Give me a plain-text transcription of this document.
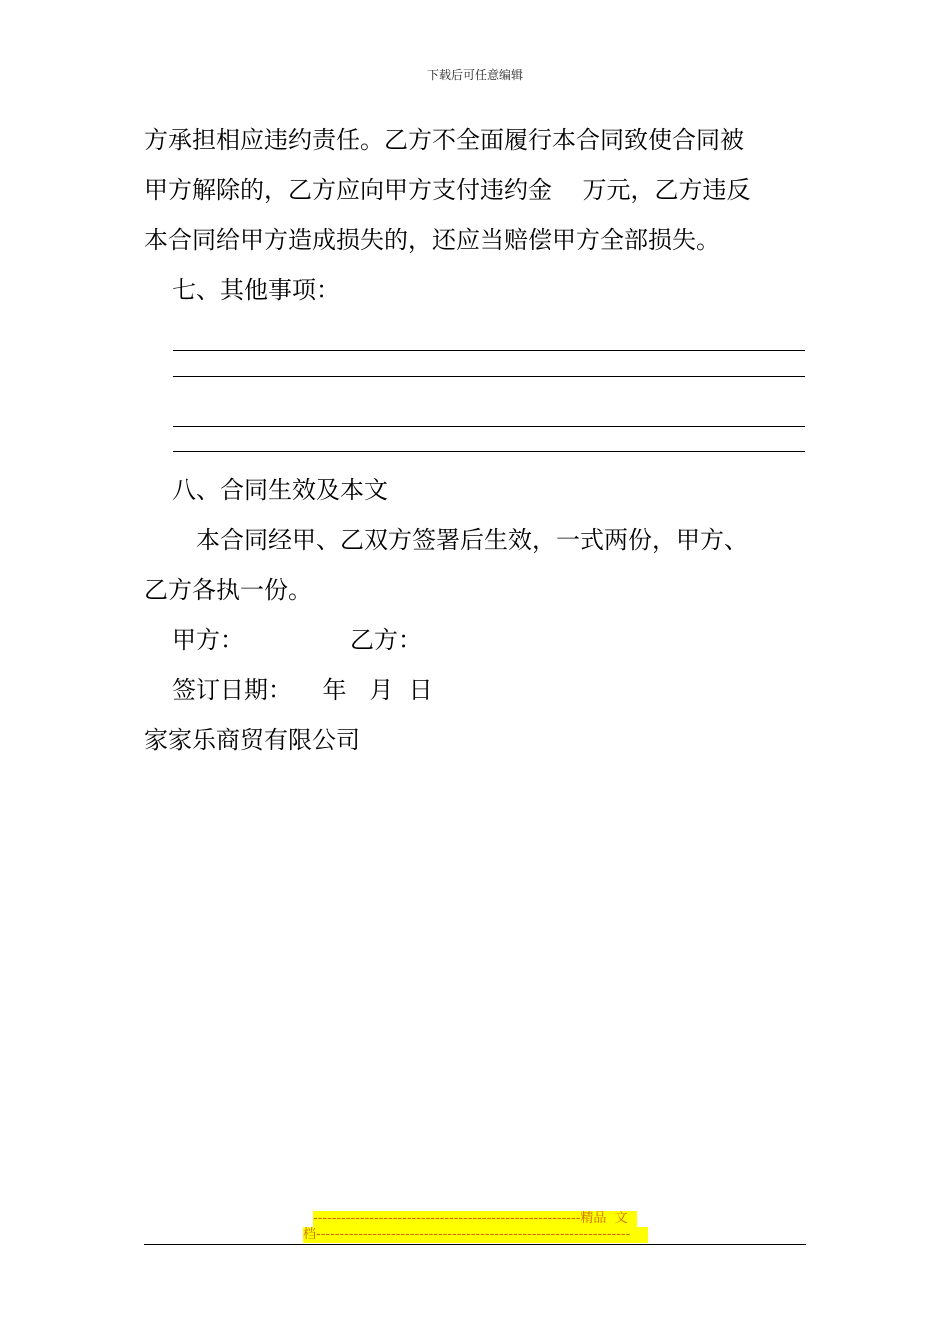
下载后可任意编辑
方承担相应违约责任。乙方不全面履行本合同致使合同被
甲方解除的，乙方应向甲方支付违约金    万元，乙方违反
本合同给甲方造成损失的，还应当赔偿甲方全部损失。
七、其他事项：
八、合同生效及本文
本合同经甲、乙双方签署后生效，一式两份，甲方、
乙方各执一份。
甲方：	乙方：
签订日期：    年   月  日
家家乐商贸有限公司
---------------------------------------------------------精品  文
档-------------------------------------------------------------------
